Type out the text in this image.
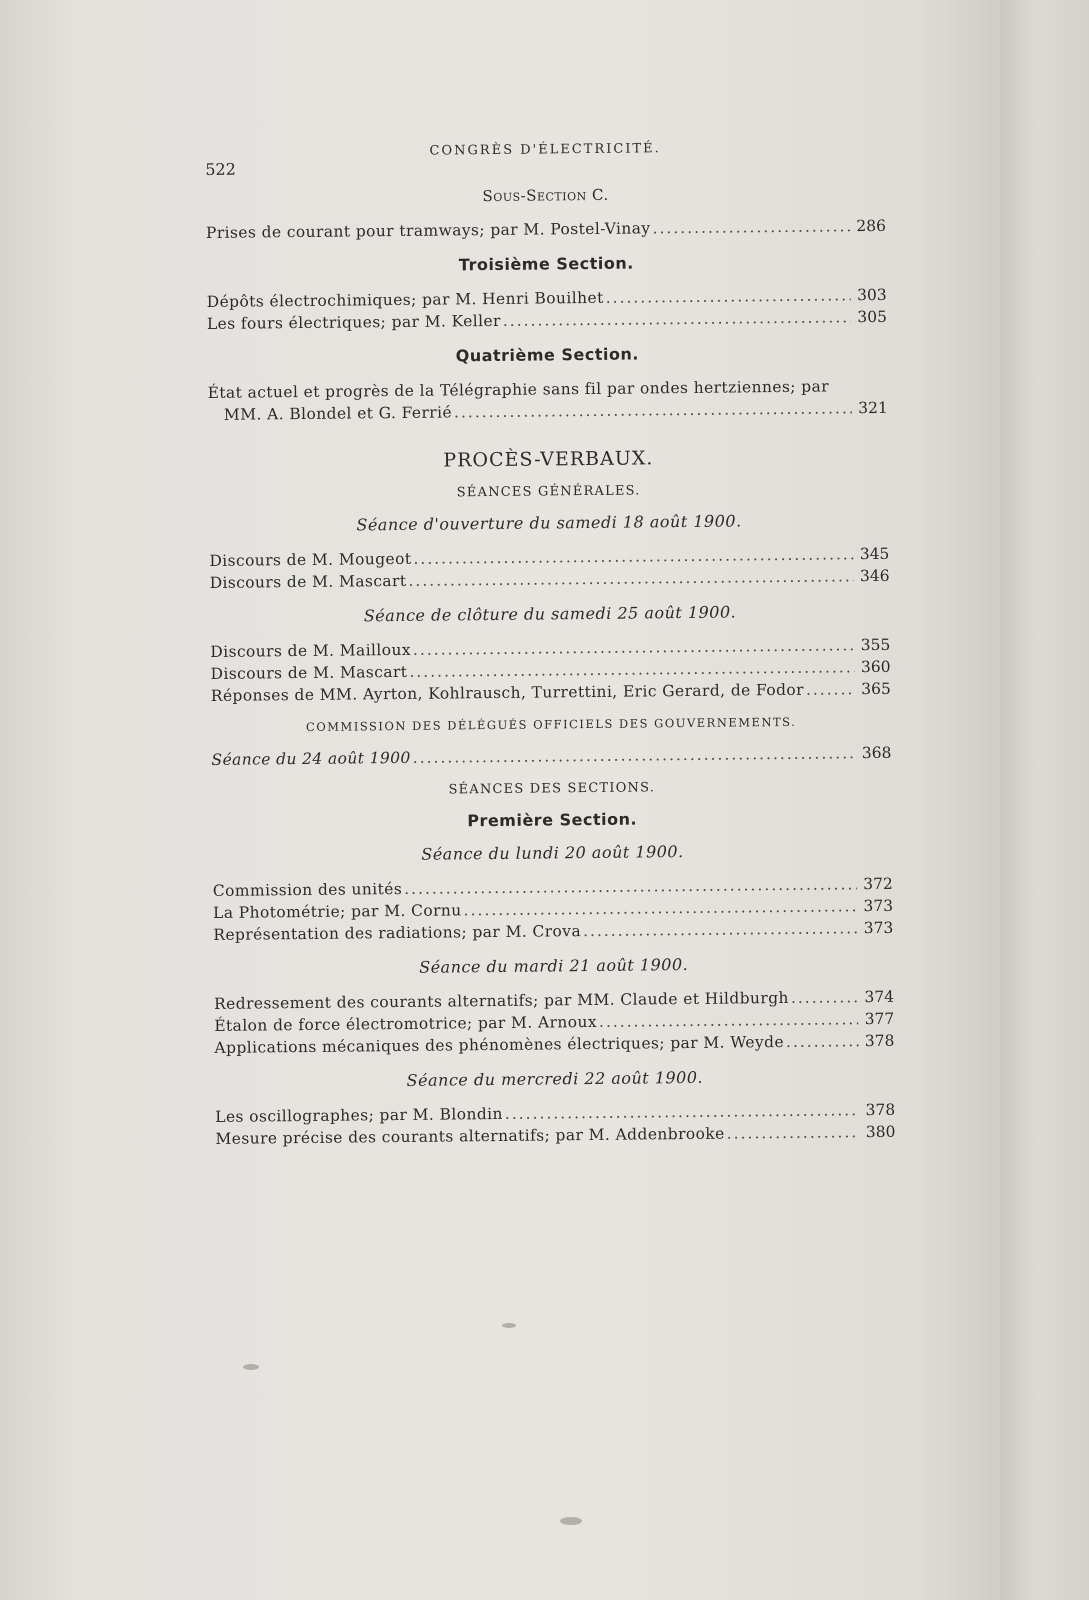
522
CONGRÈS D'ÉLECTRICITÉ.
Sous-Section C.
Prises de courant pour tramways; par M. Postel-Vinay .....	286
Troisième Section.
Dépôts électrochimiques; par M. Henri Bouilhet .....	303
Les fours électriques; par M. Keller .....	305
Quatrième Section.
État actuel et progrès de la Télégraphie sans fil par ondes hertziennes; par
MM. A. Blondel et G. Ferrié .....	321
PROCÈS-VERBAUX.
SÉANCES GÉNÉRALES.
Séance d'ouverture du samedi 18 août 1900.
Discours de M. Mougeot .....	345
Discours de M. Mascart .....	346
Séance de clôture du samedi 25 août 1900.
Discours de M. Mailloux .....	355
Discours de M. Mascart .....	360
Réponses de MM. Ayrton, Kohlrausch, Turrettini, Eric Gerard, de Fodor .....	365
COMMISSION DES DÉLÉGUÉS OFFICIELS DES GOUVERNEMENTS.
Séance du 24 août 1900 .....	368
SÉANCES DES SECTIONS.
Première Section.
Séance du lundi 20 août 1900.
Commission des unités .....	372
La Photométrie; par M. Cornu .....	373
Représentation des radiations; par M. Crova .....	373
Séance du mardi 21 août 1900.
Redressement des courants alternatifs; par MM. Claude et Hildburgh .....	374
Étalon de force électromotrice; par M. Arnoux .....	377
Applications mécaniques des phénomènes électriques; par M. Weyde .....	378
Séance du mercredi 22 août 1900.
Les oscillographes; par M. Blondin .....	378
Mesure précise des courants alternatifs; par M. Addenbrooke .....	380
